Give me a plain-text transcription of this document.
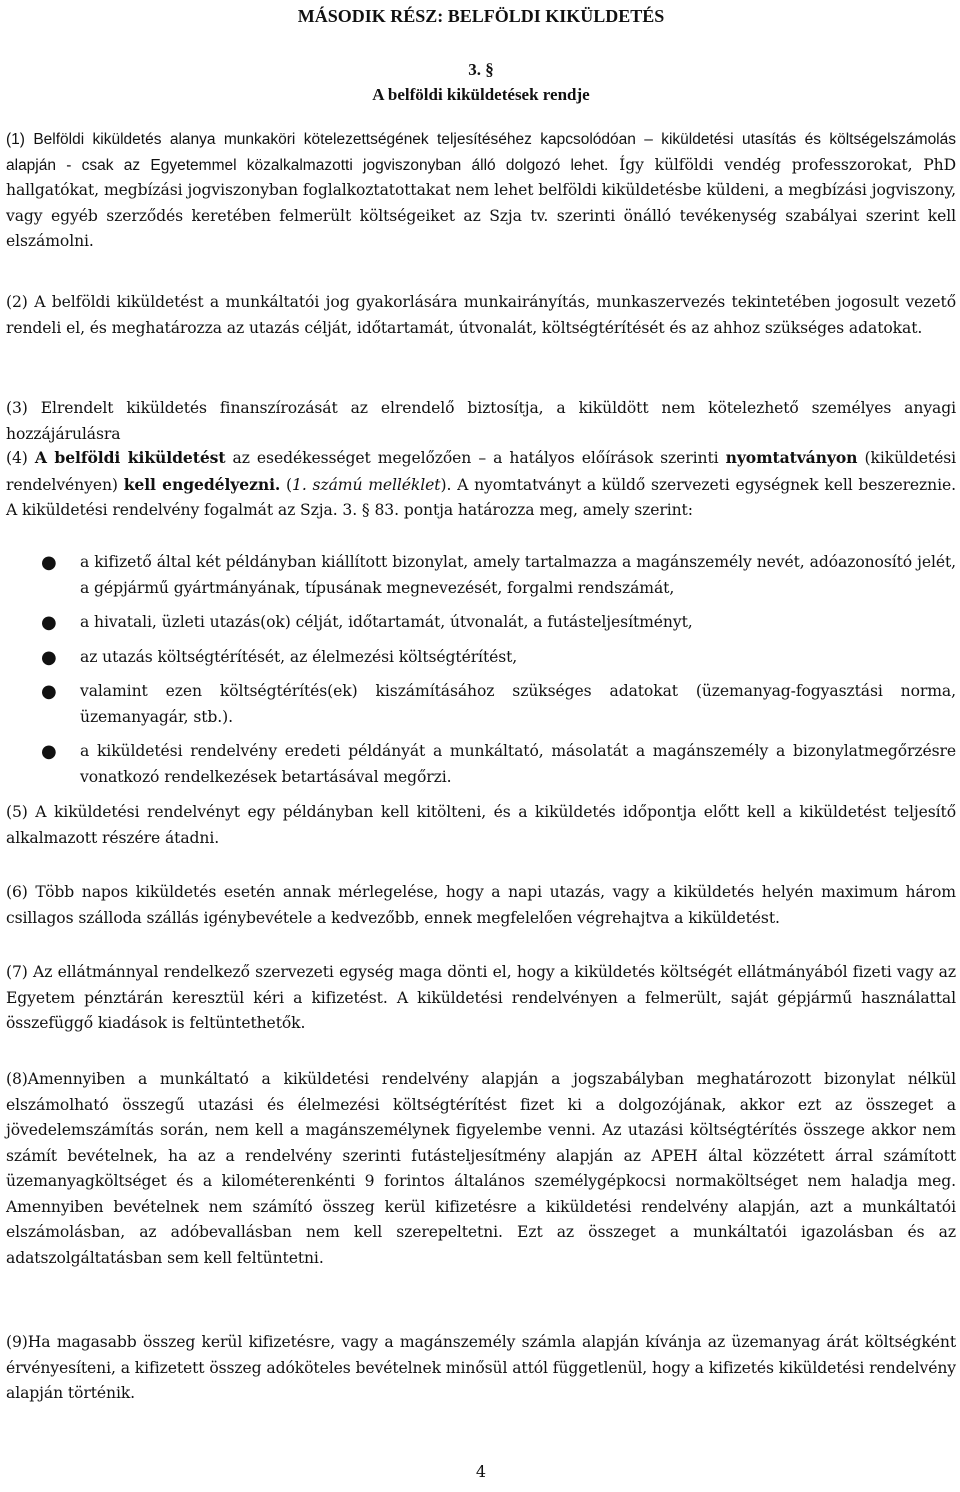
MÁSODIK RÉSZ: BELFÖLDI KIKÜLDETÉS
3. §
A belföldi kiküldetések rendje

(1) Belföldi kiküldetés alanya munkaköri kötelezettségének teljesítéséhez kapcsolódóan – kiküldetési utasítás és költségelszámolás alapján - csak az Egyetemmel közalkalmazotti jogviszonyban álló dolgozó lehet. Így külföldi vendég professzorokat, PhD hallgatókat, megbízási jogviszonyban foglalkoztatottakat nem lehet belföldi kiküldetésbe küldeni, a megbízási jogviszony, vagy egyéb szerződés keretében felmerült költségeiket az Szja tv. szerinti önálló tevékenység szabályai szerint kell elszámolni.

(2) A belföldi kiküldetést a munkáltatói jog gyakorlására munkairányítás, munkaszervezés tekintetében jogosult vezető rendeli el, és meghatározza az utazás célját, időtartamát, útvonalát, költségtérítését és az ahhoz szükséges adatokat.

(3) Elrendelt kiküldetés finanszírozását az elrendelő biztosítja, a kiküldött nem kötelezhető személyes anyagi hozzájárulásra

(4) A belföldi kiküldetést az esedékességet megelőzően – a hatályos előírások szerinti nyomtatványon (kiküldetési rendelvényen) kell engedélyezni. (1. számú melléklet). A nyomtatványt a küldő szervezeti egységnek kell beszereznie. A kiküldetési rendelvény fogalmát az Szja. 3. § 83. pontja határozza meg, amely szerint:

● a kifizető által két példányban kiállított bizonylat, amely tartalmazza a magánszemély nevét, adóazonosító jelét, a gépjármű gyártmányának, típusának megnevezését, forgalmi rendszámát,
● a hivatali, üzleti utazás(ok) célját, időtartamát, útvonalát, a futásteljesítményt,
● az utazás költségtérítését, az élelmezési költségtérítést,
● valamint ezen költségtérítés(ek) kiszámításához szükséges adatokat (üzemanyag-fogyasztási norma, üzemanyagár, stb.).
● a kiküldetési rendelvény eredeti példányát a munkáltató, másolatát a magánszemély a bizonylatmegőrzésre vonatkozó rendelkezések betartásával megőrzi.

(5) A kiküldetési rendelvényt egy példányban kell kitölteni, és a kiküldetés időpontja előtt kell a kiküldetést teljesítő alkalmazott részére átadni.

(6) Több napos kiküldetés esetén annak mérlegelése, hogy a napi utazás, vagy a kiküldetés helyén maximum három csillagos szálloda szállás igénybevétele a kedvezőbb, ennek megfelelően végrehajtva a kiküldetést.

(7) Az ellátmánnyal rendelkező szervezeti egység maga dönti el, hogy a kiküldetés költségét ellátmányából fizeti vagy az Egyetem pénztárán keresztül kéri a kifizetést. A kiküldetési rendelvényen a felmerült, saját gépjármű használattal összefüggő kiadások is feltüntethetők.

(8)Amennyiben a munkáltató a kiküldetési rendelvény alapján a jogszabályban meghatározott bizonylat nélkül elszámolható összegű utazási és élelmezési költségtérítést fizet ki a dolgozójának, akkor ezt az összeget a jövedelemszámítás során, nem kell a magánszemélynek figyelembe venni. Az utazási költségtérítés összege akkor nem számít bevételnek, ha az a rendelvény szerinti futásteljesítmény alapján az APEH által közzétett árral számított üzemanyagköltséget és a kilométerenkénti 9 forintos általános személygépkocsi normaköltséget nem haladja meg. Amennyiben bevételnek nem számító összeg kerül kifizetésre a kiküldetési rendelvény alapján, azt a munkáltatói elszámolásban, az adóbevallásban nem kell szerepeltetni. Ezt az összeget a munkáltatói igazolásban és az adatszolgáltatásban sem kell feltüntetni.

(9)Ha magasabb összeg kerül kifizetésre, vagy a magánszemély számla alapján kívánja az üzemanyag árát költségként érvényesíteni, a kifizetett összeg adóköteles bevételnek minősül attól függetlenül, hogy a kifizetés kiküldetési rendelvény alapján történik.

4
